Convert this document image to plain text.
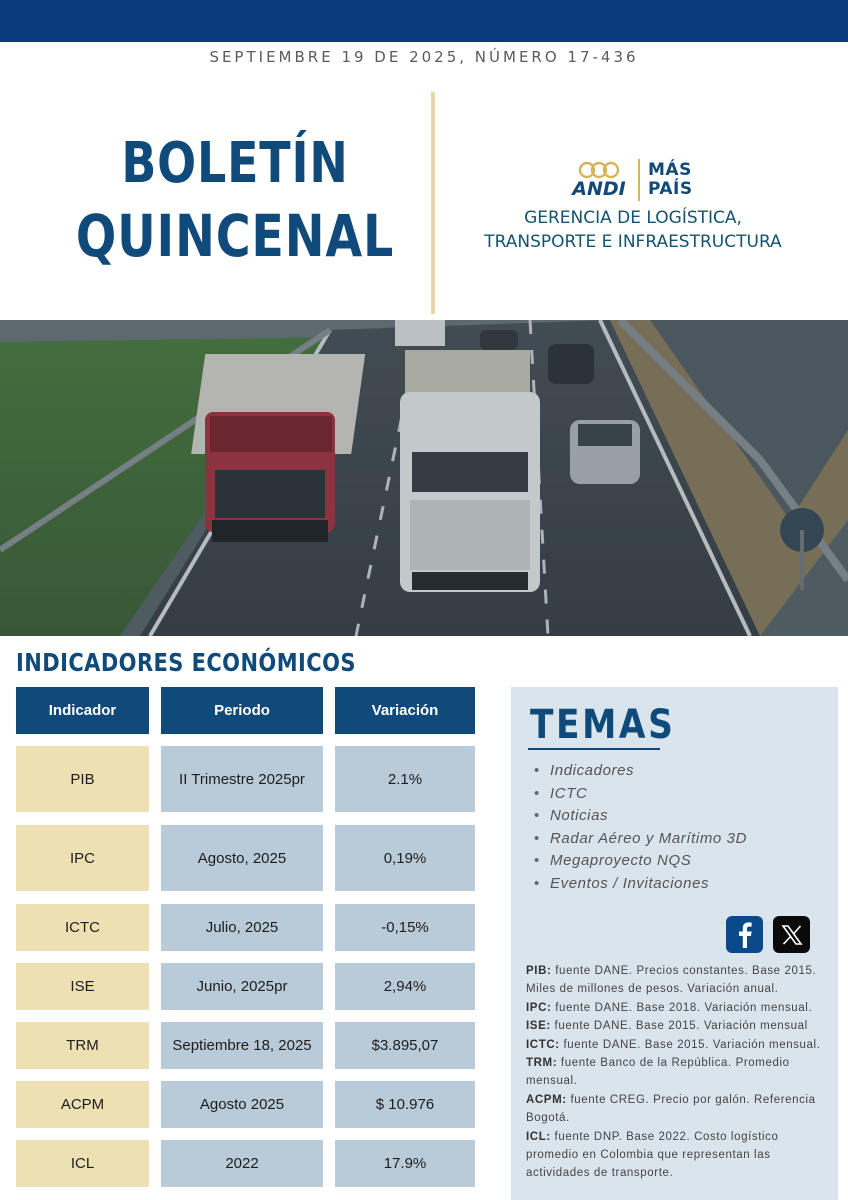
SEPTIEMBRE 19 DE 2025, NÚMERO 17-436
BOLETÍN
QUINCENAL
ANDI
MÁS
PAÍS
GERENCIA DE LOGÍSTICA,
TRANSPORTE E INFRAESTRUCTURA
INDICADORES ECONÓMICOS
Indicador	Periodo	Variación
PIB	II Trimestre 2025pr	2.1%
IPC	Agosto, 2025	0,19%
ICTC	Julio, 2025	-0,15%
ISE	Junio, 2025pr	2,94%
TRM	Septiembre 18, 2025	$3.895,07
ACPM	Agosto 2025	$ 10.976
ICL	2022	17.9%
TEMAS
• Indicadores
• ICTC
• Noticias
• Radar Aéreo y Marítimo 3D
• Megaproyecto NQS
• Eventos / Invitaciones
PIB: fuente DANE. Precios constantes. Base 2015. Miles de millones de pesos. Variación anual.
IPC: fuente DANE. Base 2018. Variación mensual.
ISE: fuente DANE. Base 2015. Variación mensual
ICTC: fuente DANE. Base 2015. Variación mensual.
TRM: fuente Banco de la República. Promedio mensual.
ACPM: fuente CREG. Precio por galón. Referencia Bogotá.
ICL: fuente DNP. Base 2022. Costo logístico promedio en Colombia que representan las actividades de transporte.
